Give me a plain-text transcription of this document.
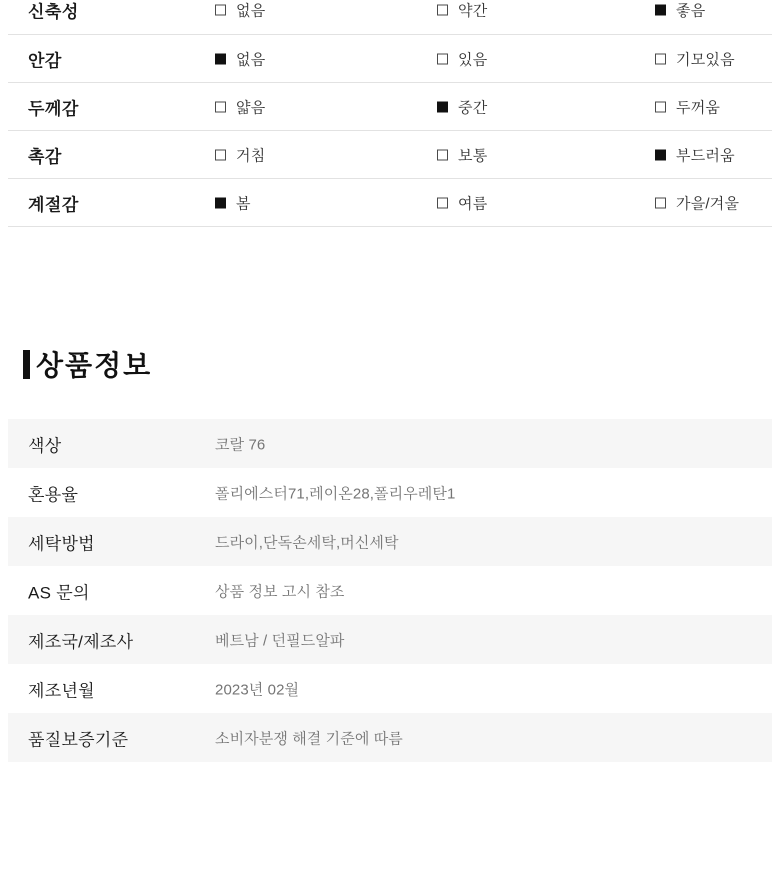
신축성	없음	약간	좋음
안감	없음	있음	기모있음
두께감	얇음	중간	두꺼움
촉감	거침	보통	부드러움
계절감	봄	여름	가을/겨울
상품정보
색상	코랄 76
혼용율	폴리에스터71,레이온28,폴리우레탄1
세탁방법	드라이,단독손세탁,머신세탁
AS 문의	상품 정보 고시 참조
제조국/제조사	베트남 / 던필드알파
제조년월	2023년 02월
품질보증기준	소비자분쟁 해결 기준에 따름
